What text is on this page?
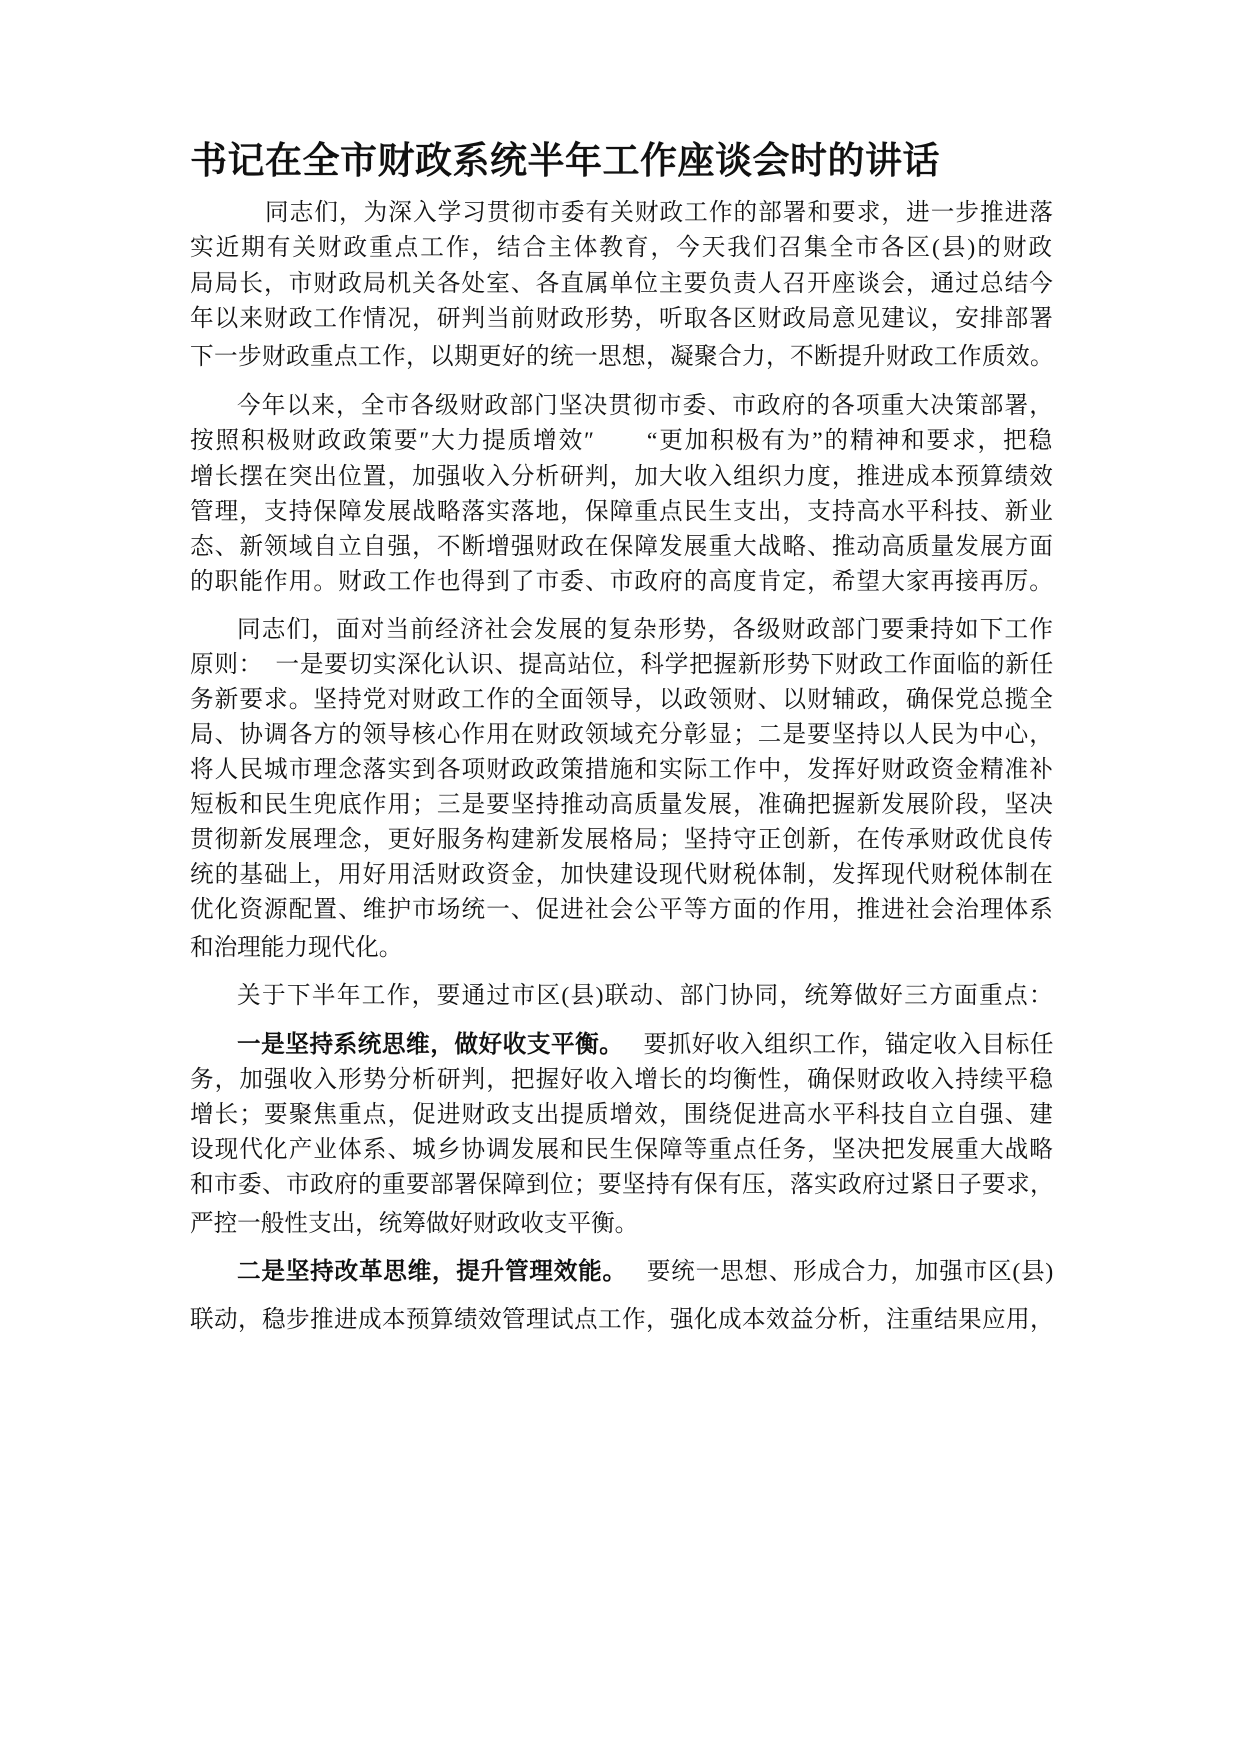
书记在全市财政系统半年工作座谈会时的讲话
同志们，为深入学习贯彻市委有关财政工作的部署和要求，进一步推进落
实近期有关财政重点工作，结合主体教育，今天我们召集全市各区(县)的财政
局局长，市财政局机关各处室、各直属单位主要负责人召开座谈会，通过总结今
年以来财政工作情况，研判当前财政形势，听取各区财政局意见建议，安排部署
下一步财政重点工作，以期更好的统一思想，凝聚合力，不断提升财政工作质效。
今年以来，全市各级财政部门坚决贯彻市委、市政府的各项重大决策部署，
按照积极财政政策要″大力提质增效″　　“更加积极有为”的精神和要求，把稳
增长摆在突出位置，加强收入分析研判，加大收入组织力度，推进成本预算绩效
管理，支持保障发展战略落实落地，保障重点民生支出，支持高水平科技、新业
态、新领域自立自强，不断增强财政在保障发展重大战略、推动高质量发展方面
的职能作用。财政工作也得到了市委、市政府的高度肯定，希望大家再接再厉。
同志们，面对当前经济社会发展的复杂形势，各级财政部门要秉持如下工作
原则：　一是要切实深化认识、提高站位，科学把握新形势下财政工作面临的新任
务新要求。坚持党对财政工作的全面领导，以政领财、以财辅政，确保党总揽全
局、协调各方的领导核心作用在财政领域充分彰显；二是要坚持以人民为中心，
将人民城市理念落实到各项财政政策措施和实际工作中，发挥好财政资金精准补
短板和民生兜底作用；三是要坚持推动高质量发展，准确把握新发展阶段，坚决
贯彻新发展理念，更好服务构建新发展格局；坚持守正创新，在传承财政优良传
统的基础上，用好用活财政资金，加快建设现代财税体制，发挥现代财税体制在
优化资源配置、维护市场统一、促进社会公平等方面的作用，推进社会治理体系
和治理能力现代化。
关于下半年工作，要通过市区(县)联动、部门协同，统筹做好三方面重点：
一是坚持系统思维，做好收支平衡。 要抓好收入组织工作，锚定收入目标任
务，加强收入形势分析研判，把握好收入增长的均衡性，确保财政收入持续平稳
增长；要聚焦重点，促进财政支出提质增效，围绕促进高水平科技自立自强、建
设现代化产业体系、城乡协调发展和民生保障等重点任务，坚决把发展重大战略
和市委、市政府的重要部署保障到位；要坚持有保有压，落实政府过紧日子要求，
严控一般性支出，统筹做好财政收支平衡。
二是坚持改革思维，提升管理效能。 要统一思想、形成合力，加强市区(县)
联动，稳步推进成本预算绩效管理试点工作，强化成本效益分析，注重结果应用，
